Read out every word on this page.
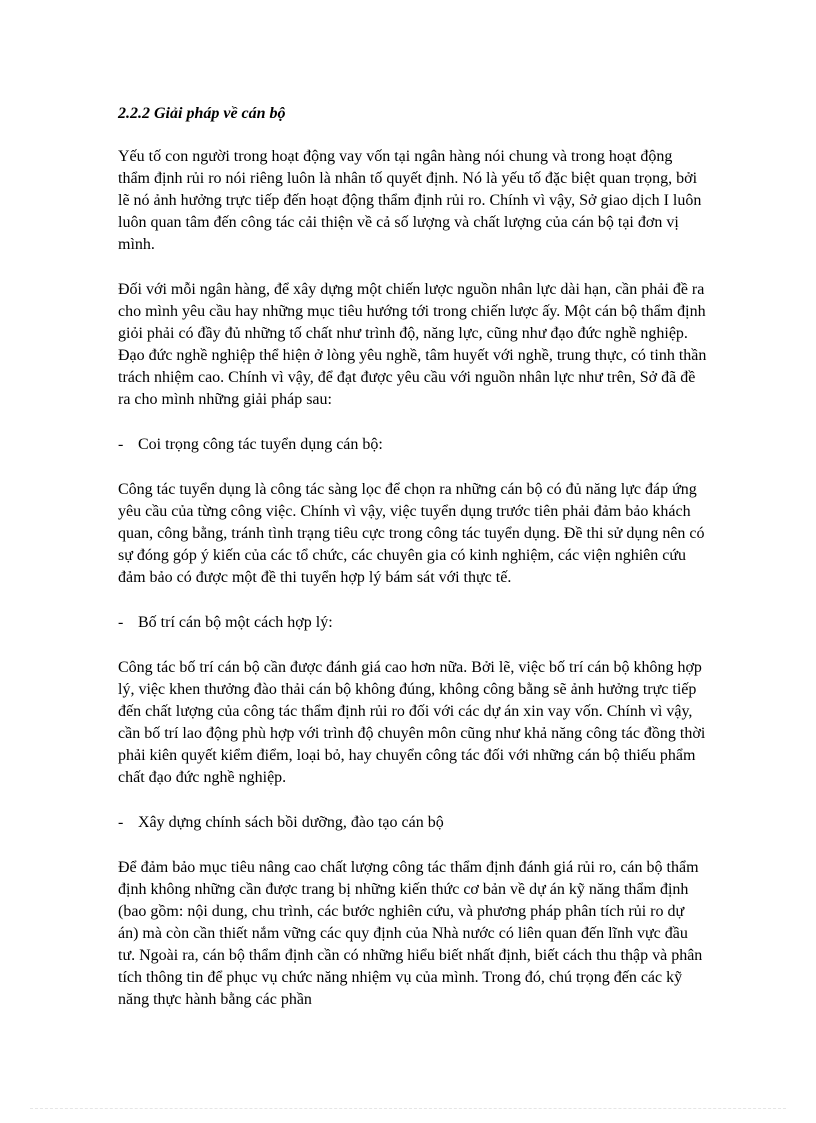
2.2.2 Giải pháp về cán bộ

Yếu tố con người trong hoạt động vay vốn tại ngân hàng nói chung và trong hoạt động thẩm định rủi ro nói riêng luôn là nhân tố quyết định. Nó là yếu tố đặc biệt quan trọng, bởi lẽ nó ảnh hưởng trực tiếp đến hoạt động thẩm định rủi ro. Chính vì vậy, Sở giao dịch I luôn luôn quan tâm đến công tác cải thiện về cả số lượng và chất lượng của cán bộ tại đơn vị mình.

Đối với mỗi ngân hàng, để xây dựng một chiến lược nguồn nhân lực dài hạn, cần phải đề ra cho mình yêu cầu hay những mục tiêu hướng tới trong chiến lược ấy. Một cán bộ thẩm định giỏi phải có đầy đủ những tố chất như trình độ, năng lực, cũng như đạo đức nghề nghiệp. Đạo đức nghề nghiệp thể hiện ở lòng yêu nghề, tâm huyết với nghề, trung thực, có tinh thần trách nhiệm cao. Chính vì vậy, để đạt được yêu cầu với nguồn nhân lực như trên, Sở đã đề ra cho mình những giải pháp sau:

- Coi trọng công tác tuyển dụng cán bộ:

Công tác tuyển dụng là công tác sàng lọc để chọn ra những cán bộ có đủ năng lực đáp ứng yêu cầu của từng công việc. Chính vì vậy, việc tuyển dụng trước tiên phải đảm bảo khách quan, công bằng, tránh tình trạng tiêu cực trong công tác tuyển dụng. Đề thi sử dụng nên có sự đóng góp ý kiến của các tổ chức, các chuyên gia có kinh nghiệm, các viện nghiên cứu đảm bảo có được một đề thi tuyển hợp lý bám sát với thực tế.

- Bố trí cán bộ một cách hợp lý:

Công tác bố trí cán bộ cần được đánh giá cao hơn nữa. Bởi lẽ, việc bố trí cán bộ không hợp lý, việc khen thưởng đào thải cán bộ không đúng, không công bằng sẽ ảnh hưởng trực tiếp đến chất lượng của công tác thẩm định rủi ro đối với các dự án xin vay vốn. Chính vì vậy, cần bố trí lao động phù hợp với trình độ chuyên môn cũng như khả năng công tác đồng thời phải kiên quyết kiểm điểm, loại bỏ, hay chuyển công tác đối với những cán bộ thiếu phẩm chất đạo đức nghề nghiệp.

- Xây dựng chính sách bồi dưỡng, đào tạo cán bộ

Để đảm bảo mục tiêu nâng cao chất lượng công tác thẩm định đánh giá rủi ro, cán bộ thẩm định không những cần được trang bị những kiến thức cơ bản về dự án kỹ năng thẩm định (bao gồm: nội dung, chu trình, các bước nghiên cứu, và phương pháp phân tích rủi ro dự án) mà còn cần thiết nắm vững các quy định của Nhà nước có liên quan đến lĩnh vực đầu tư. Ngoài ra, cán bộ thẩm định cần có những hiểu biết nhất định, biết cách thu thập và phân tích thông tin để phục vụ chức năng nhiệm vụ của mình. Trong đó, chú trọng đến các kỹ năng thực hành bằng các phần
